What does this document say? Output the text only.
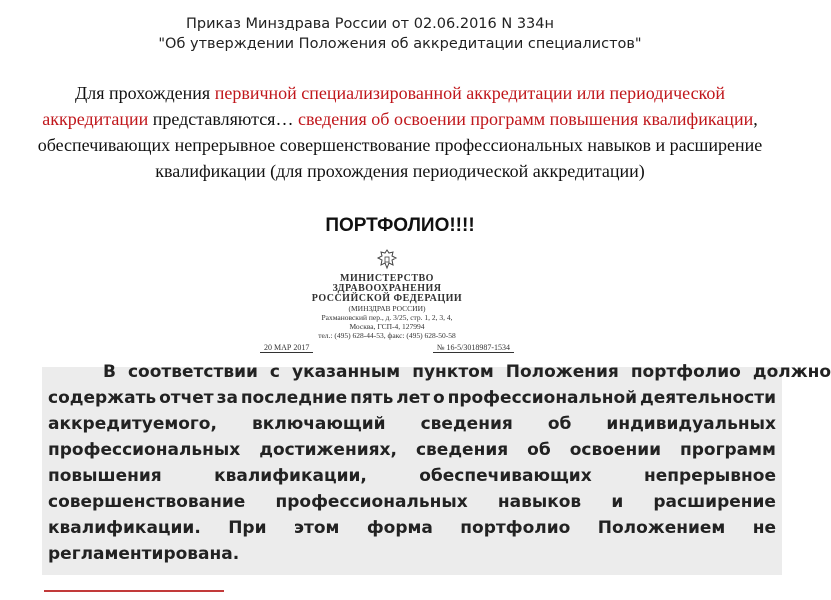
Приказ Минздрава России от 02.06.2016 N 334н
"Об утверждении Положения об аккредитации специалистов"
Для прохождения первичной специализированной аккредитации или периодической аккредитации представляются… сведения об освоении программ повышения квалификации, обеспечивающих непрерывное совершенствование профессиональных навыков и расширение квалификации (для прохождения периодической аккредитации)
ПОРТФОЛИО!!!!
МИНИСТЕРСТВО
ЗДРАВООХРАНЕНИЯ
РОССИЙСКОЙ ФЕДЕРАЦИИ
(МИНЗДРАВ РОССИИ)
Рахмановский пер., д. 3/25, стр. 1, 2, 3, 4,
Москва, ГСП-4, 127994
тел.: (495) 628-44-53, факс: (495) 628-50-58
20 МАР 2017	№ 16-5/3018987-1534
В соответствии с указанным пунктом Положения портфолио должно
содержать отчет за последние пять лет о профессиональной деятельности
аккредитуемого, включающий сведения об индивидуальных
профессиональных достижениях, сведения об освоении программ
повышения	квалификации,	обеспечивающих	непрерывное
совершенствование профессиональных навыков и расширение
квалификации. При этом форма портфолио Положением не
регламентирована.
